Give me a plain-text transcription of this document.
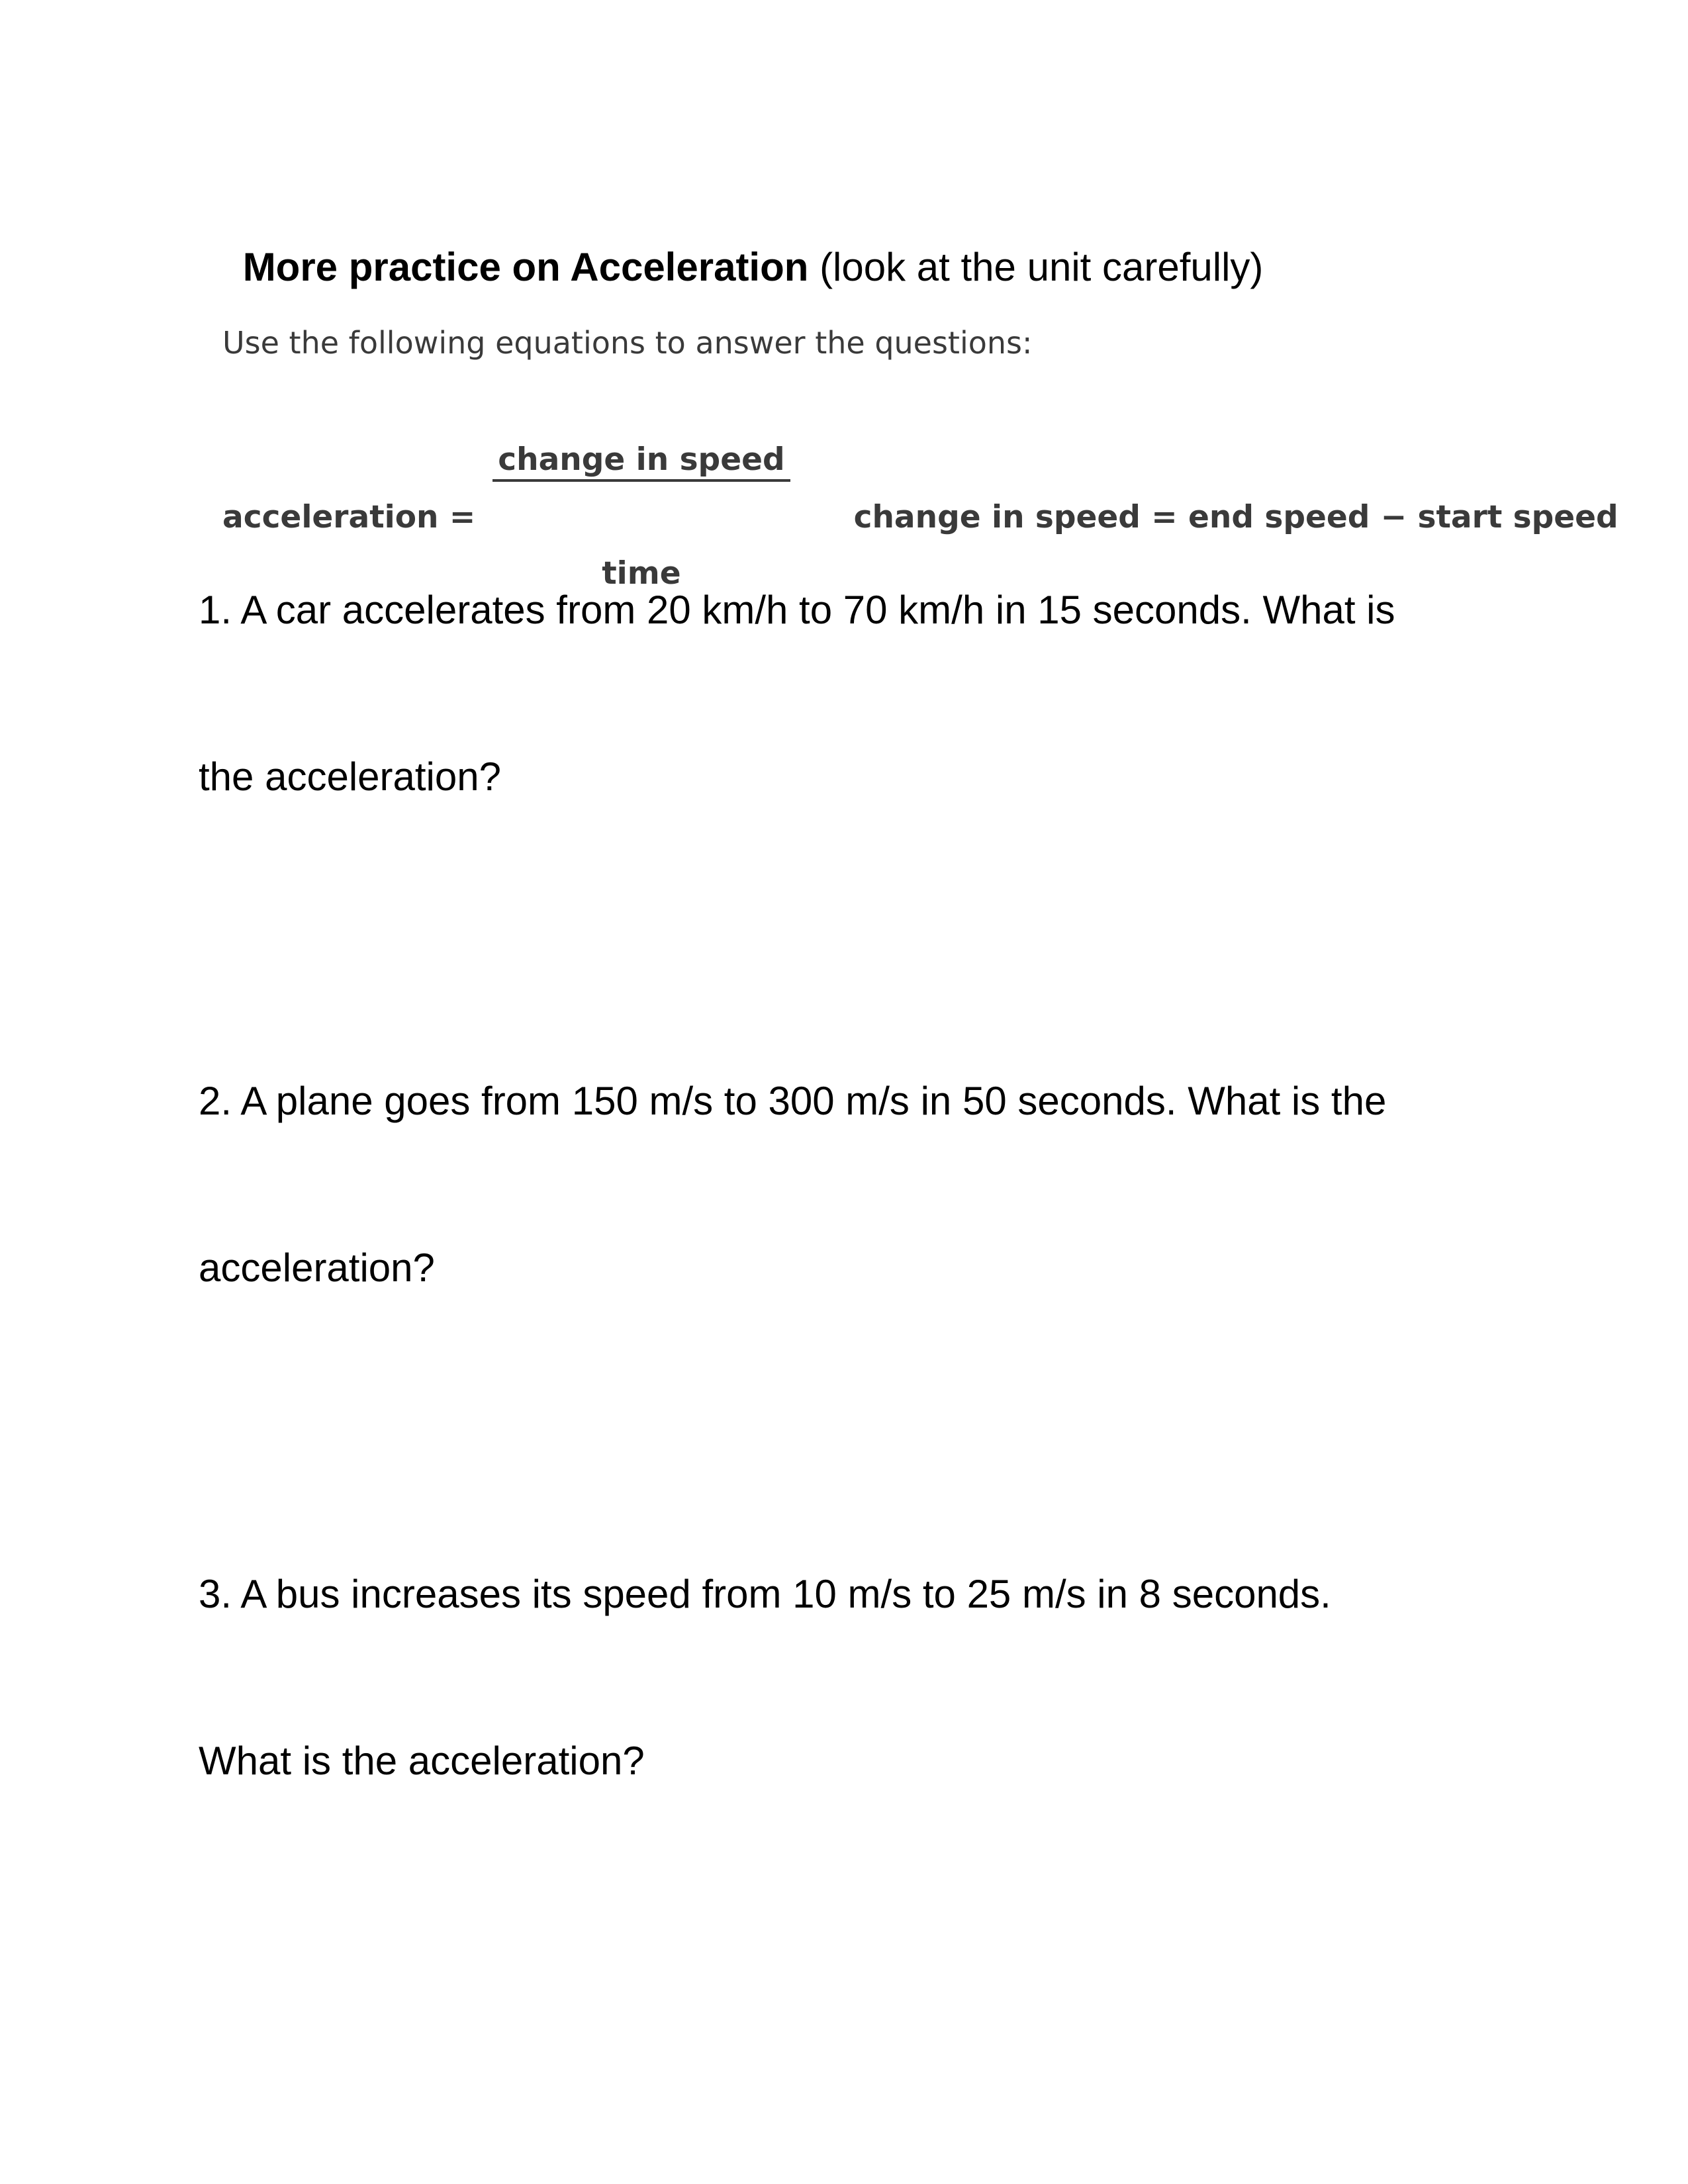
More practice on Acceleration (look at the unit carefully)

Use the following equations to answer the questions:
acceleration =

$\frac{\text{change in speed}}{\text{time}}$

change in speed = end speed − start speed

1. A car accelerates from 20 km/h to 70 km/h in 15 seconds. What is

the acceleration?

2. A plane goes from 150 m/s to 300 m/s in 50 seconds. What is the

acceleration?

3. A bus increases its speed from 10 m/s to 25 m/s in 8 seconds.

What is the acceleration?
